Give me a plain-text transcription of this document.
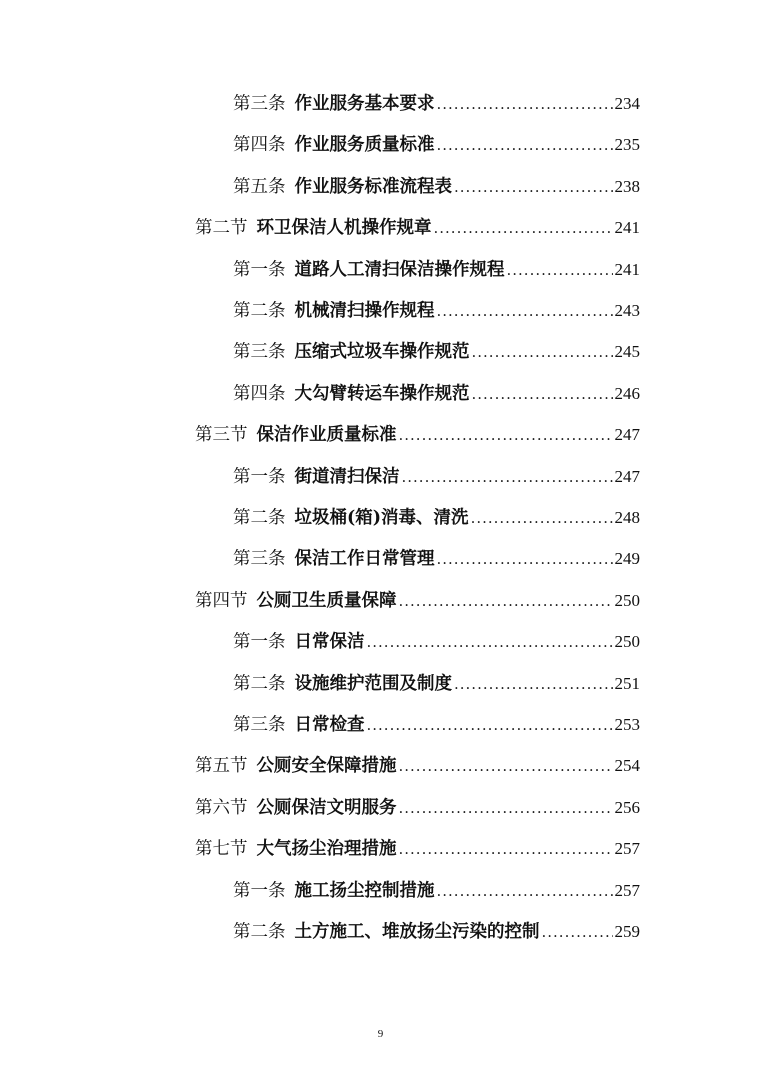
第三条 作业服务基本要求 .....	234
第四条 作业服务质量标准 .....	235
第五条 作业服务标准流程表 .....	238
第二节 环卫保洁人机操作规章 .....	241
第一条 道路人工清扫保洁操作规程 .....	241
第二条 机械清扫操作规程 .....	243
第三条 压缩式垃圾车操作规范 .....	245
第四条 大勾臂转运车操作规范 .....	246
第三节 保洁作业质量标准 .....	247
第一条 街道清扫保洁 .....	247
第二条 垃圾桶(箱)消毒、清洗 .....	248
第三条 保洁工作日常管理 .....	249
第四节 公厕卫生质量保障 .....	250
第一条 日常保洁 .....	250
第二条 设施维护范围及制度 .....	251
第三条 日常检查 .....	253
第五节 公厕安全保障措施 .....	254
第六节 公厕保洁文明服务 .....	256
第七节 大气扬尘治理措施 .....	257
第一条 施工扬尘控制措施 .....	257
第二条 土方施工、堆放扬尘污染的控制 .....	259
9
